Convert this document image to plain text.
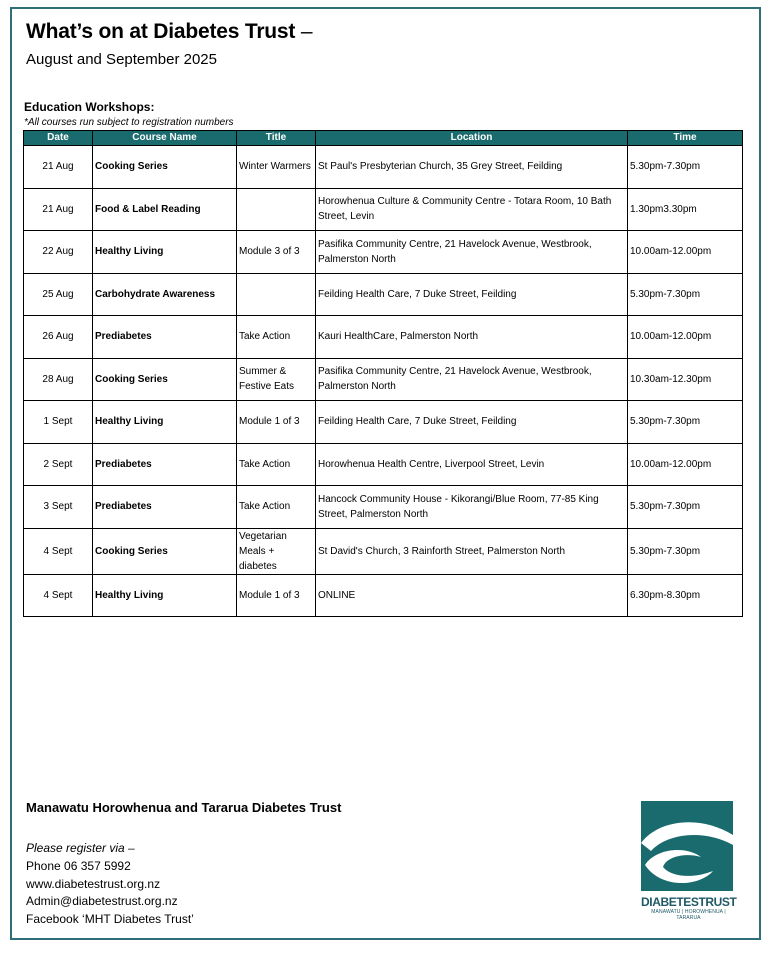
What’s on at Diabetes Trust –
August and September 2025
Education Workshops:
*All courses run subject to registration numbers
Date	Course Name	Title	Location	Time
21 Aug	Cooking Series	Winter Warmers	St Paul's Presbyterian Church, 35 Grey Street, Feilding	5.30pm-7.30pm
21 Aug	Food & Label Reading		Horowhenua Culture & Community Centre - Totara Room, 10 Bath Street, Levin	1.30pm3.30pm
22 Aug	Healthy Living	Module 3 of 3	Pasifika Community Centre, 21 Havelock Avenue, Westbrook, Palmerston North	10.00am-12.00pm
25 Aug	Carbohydrate Awareness		Feilding Health Care, 7 Duke Street, Feilding	5.30pm-7.30pm
26 Aug	Prediabetes	Take Action	Kauri HealthCare, Palmerston North	10.00am-12.00pm
28 Aug	Cooking Series	Summer & Festive Eats	Pasifika Community Centre, 21 Havelock Avenue, Westbrook, Palmerston North	10.30am-12.30pm
1 Sept	Healthy Living	Module 1 of 3	Feilding Health Care, 7 Duke Street, Feilding	5.30pm-7.30pm
2 Sept	Prediabetes	Take Action	Horowhenua Health Centre, Liverpool Street, Levin	10.00am-12.00pm
3 Sept	Prediabetes	Take Action	Hancock Community House - Kikorangi/Blue Room, 77-85 King Street, Palmerston North	5.30pm-7.30pm
4 Sept	Cooking Series	Vegetarian Meals + diabetes	St David's Church, 3 Rainforth Street, Palmerston North	5.30pm-7.30pm
4 Sept	Healthy Living	Module 1 of 3	ONLINE	6.30pm-8.30pm
Manawatu Horowhenua and Tararua Diabetes Trust
Please register via –
Phone 06 357 5992
www.diabetestrust.org.nz
Admin@diabetestrust.org.nz
Facebook ‘MHT Diabetes Trust’
DIABETESTRUST
MANAWATU | HOROWHENUA | TARARUA
